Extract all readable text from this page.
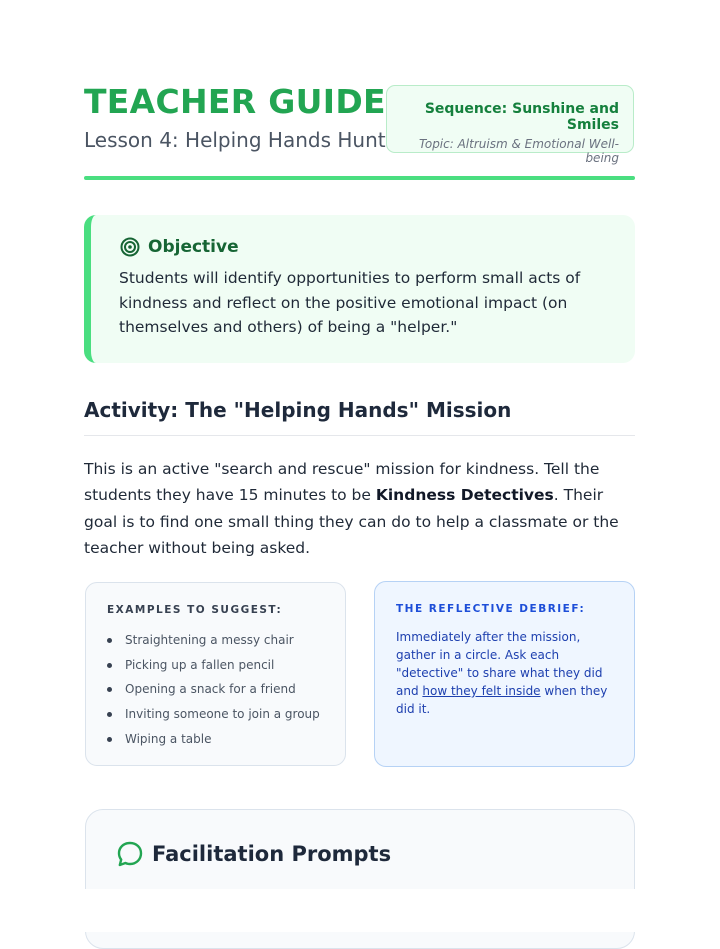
TEACHER GUIDE
Lesson 4: Helping Hands Hunt
Sequence: Sunshine and Smiles
Topic: Altruism & Emotional Well-being
Objective
Students will identify opportunities to perform small acts of kindness and reflect on the positive emotional impact (on themselves and others) of being a "helper."
Activity: The "Helping Hands" Mission
This is an active "search and rescue" mission for kindness. Tell the students they have 15 minutes to be Kindness Detectives. Their goal is to find one small thing they can do to help a classmate or the teacher without being asked.
EXAMPLES TO SUGGEST:
Straightening a messy chair
Picking up a fallen pencil
Opening a snack for a friend
Inviting someone to join a group
Wiping a table
THE REFLECTIVE DEBRIEF:
Immediately after the mission, gather in a circle. Ask each "detective" to share what they did and how they felt inside when they did it.
Facilitation Prompts
